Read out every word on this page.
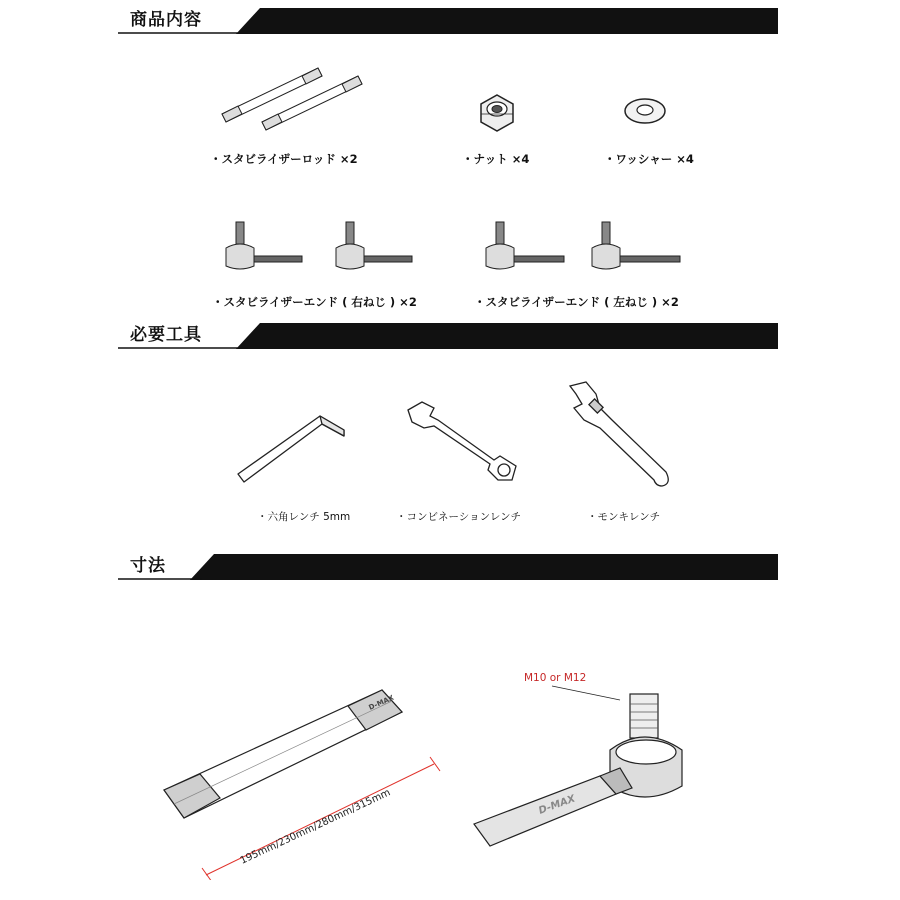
商品内容
・スタビライザーロッド ×2	・ナット ×4	・ワッシャー ×4
・スタビライザーエンド ( 右ねじ ) ×2	・スタビライザーエンド ( 左ねじ ) ×2
必要工具
・六角レンチ 5mm	・コンビネーションレンチ	・モンキレンチ
寸法
D-MAX
195mm/230mm/280mm/315mm
M10 or M12
D-MAX
